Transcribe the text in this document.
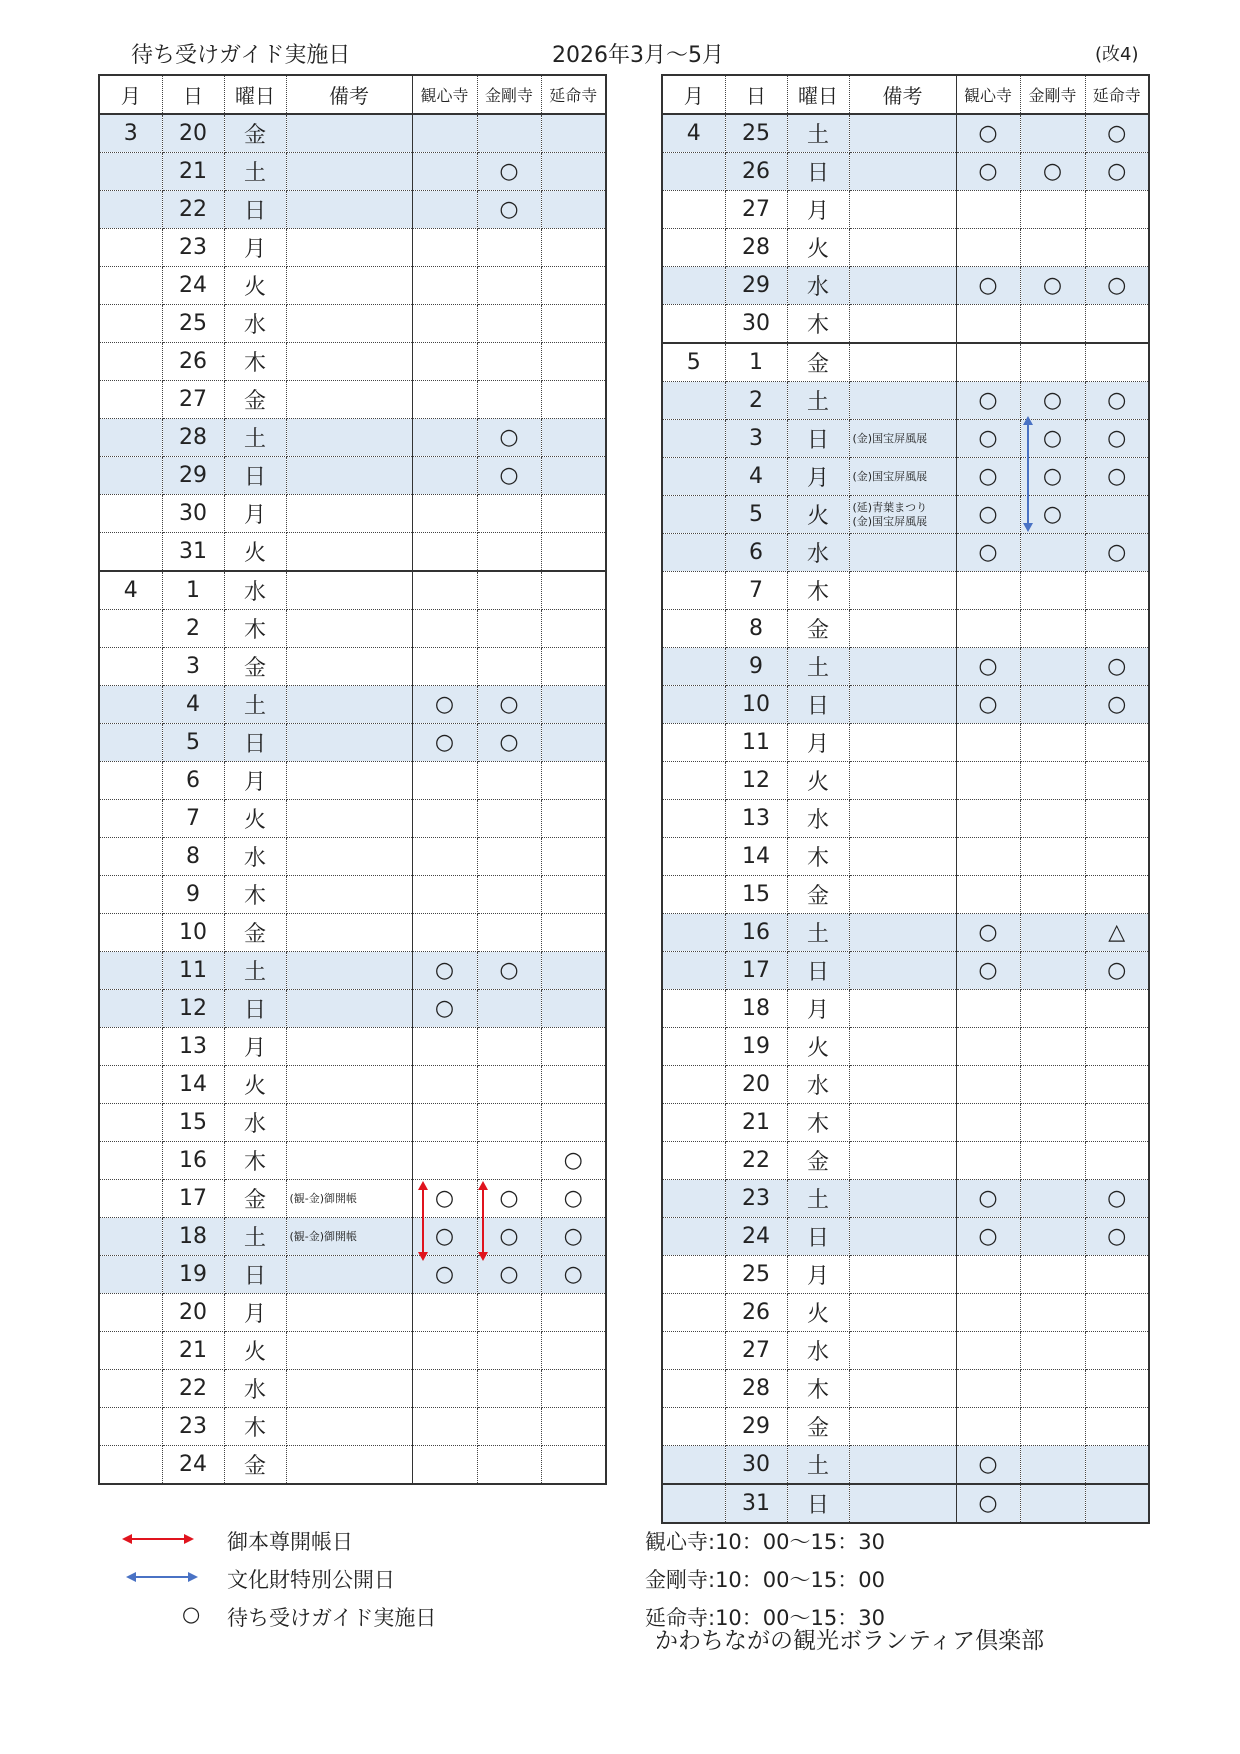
待ち受けガイド実施日	2026年3月～5月	(改4)
月	日	曜日	備考	観心寺	金剛寺	延命寺
3	20	金				
	21	土			○	
	22	日			○	
	23	月				
	24	火				
	25	水				
	26	木				
	27	金				
	28	土			○	
	29	日			○	
	30	月				
	31	火				
4	1	水				
	2	木				
	3	金				
	4	土		○	○	
	5	日		○	○	
	6	月				
	7	火				
	8	水				
	9	木				
	10	金				
	11	土		○	○	
	12	日		○		
	13	月				
	14	火				
	15	水				
	16	木				○
	17	金	(観-金)御開帳	○	○	○
	18	土	(観-金)御開帳	○	○	○
	19	日		○	○	○
	20	月				
	21	火				
	22	水				
	23	木				
	24	金				
月	日	曜日	備考	観心寺	金剛寺	延命寺
4	25	土		○		○
	26	日		○	○	○
	27	月				
	28	火				
	29	水		○	○	○
	30	木				
5	1	金				
	2	土		○	○	○
	3	日	(金)国宝屏風展	○	○	○
	4	月	(金)国宝屏風展	○	○	○
	5	火	(延)青葉まつり
(金)国宝屏風展	○	○	
	6	水		○		○
	7	木				
	8	金				
	9	土		○		○
	10	日		○		○
	11	月				
	12	火				
	13	水				
	14	木				
	15	金				
	16	土		○		△
	17	日		○		○
	18	月				
	19	火				
	20	水				
	21	木				
	22	金				
	23	土		○		○
	24	日		○		○
	25	月				
	26	火				
	27	水				
	28	木				
	29	金				
	30	土		○		
	31	日		○		
御本尊開帳日
文化財特別公開日
○ 待ち受けガイド実施日
観心寺:10：00～15：30
金剛寺:10：00～15：00
延命寺:10：00～15：30
かわちながの観光ボランティア倶楽部
